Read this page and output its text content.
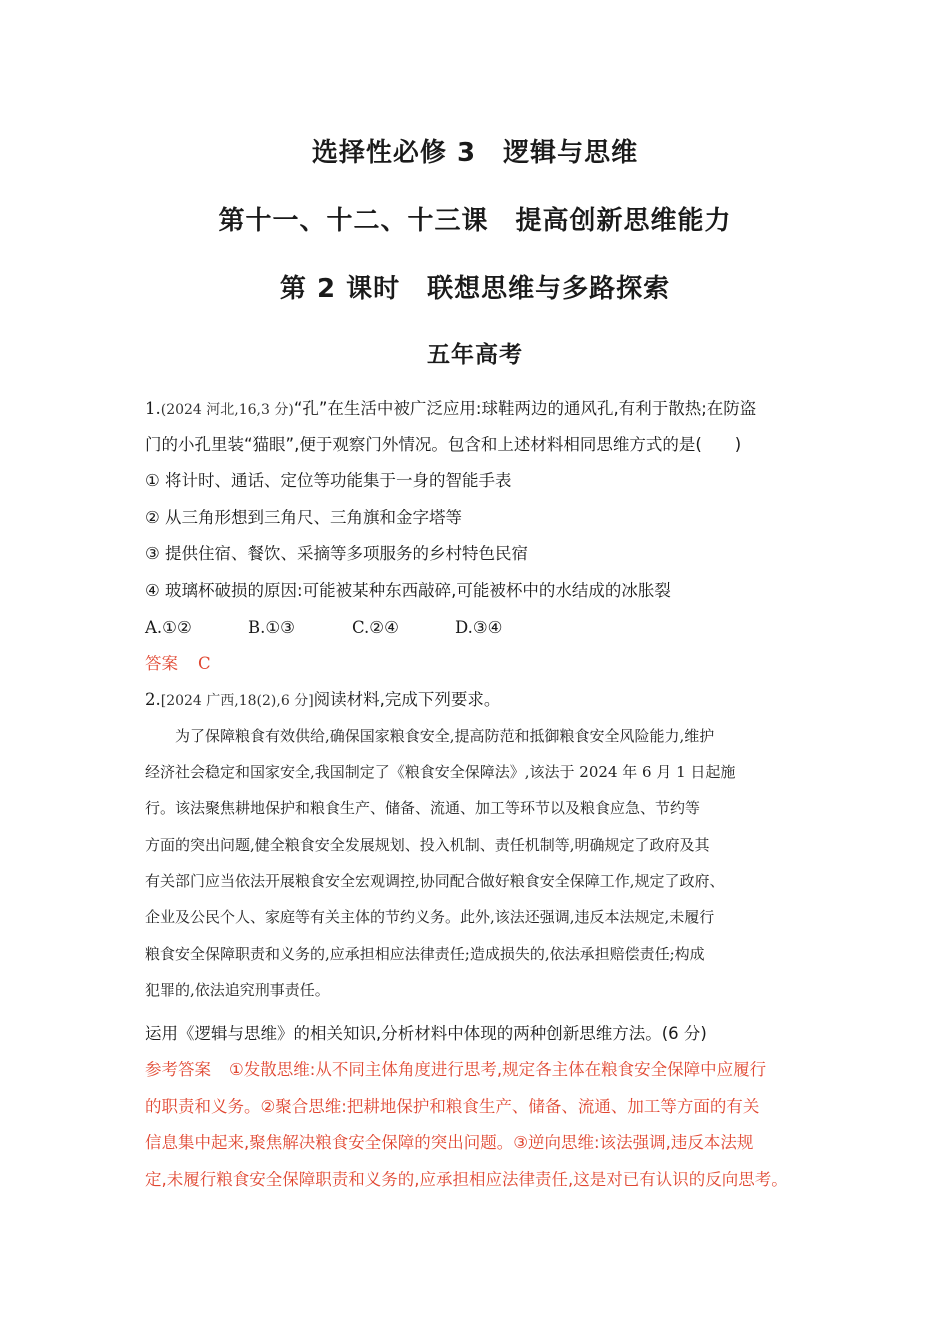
选择性必修 3　逻辑与思维
第十一、十二、十三课　提高创新思维能力
第 2 课时　联想思维与多路探索
五年高考
1.(2024 河北,16,3 分)“孔”在生活中被广泛应用:球鞋两边的通风孔,有利于散热;在防盗
门的小孔里装“猫眼”,便于观察门外情况。包含和上述材料相同思维方式的是(　　)
① 将计时、通话、定位等功能集于一身的智能手表
② 从三角形想到三角尺、三角旗和金字塔等
③ 提供住宿、餐饮、采摘等多项服务的乡村特色民宿
④ 玻璃杯破损的原因:可能被某种东西敲碎,可能被杯中的水结成的冰胀裂
A.①②	B.①③	C.②④	D.③④
答案 C
2.[2024 广西,18(2),6 分]阅读材料,完成下列要求。
　　为了保障粮食有效供给,确保国家粮食安全,提高防范和抵御粮食安全风险能力,维护
经济社会稳定和国家安全,我国制定了《粮食安全保障法》,该法于 2024 年 6 月 1 日起施
行。该法聚焦耕地保护和粮食生产、储备、流通、加工等环节以及粮食应急、节约等
方面的突出问题,健全粮食安全发展规划、投入机制、责任机制等,明确规定了政府及其
有关部门应当依法开展粮食安全宏观调控,协同配合做好粮食安全保障工作,规定了政府、
企业及公民个人、家庭等有关主体的节约义务。此外,该法还强调,违反本法规定,未履行
粮食安全保障职责和义务的,应承担相应法律责任;造成损失的,依法承担赔偿责任;构成
犯罪的,依法追究刑事责任。
运用《逻辑与思维》的相关知识,分析材料中体现的两种创新思维方法。(6 分)
参考答案 ①发散思维:从不同主体角度进行思考,规定各主体在粮食安全保障中应履行
的职责和义务。②聚合思维:把耕地保护和粮食生产、储备、流通、加工等方面的有关
信息集中起来,聚焦解决粮食安全保障的突出问题。③逆向思维:该法强调,违反本法规
定,未履行粮食安全保障职责和义务的,应承担相应法律责任,这是对已有认识的反向思考。
